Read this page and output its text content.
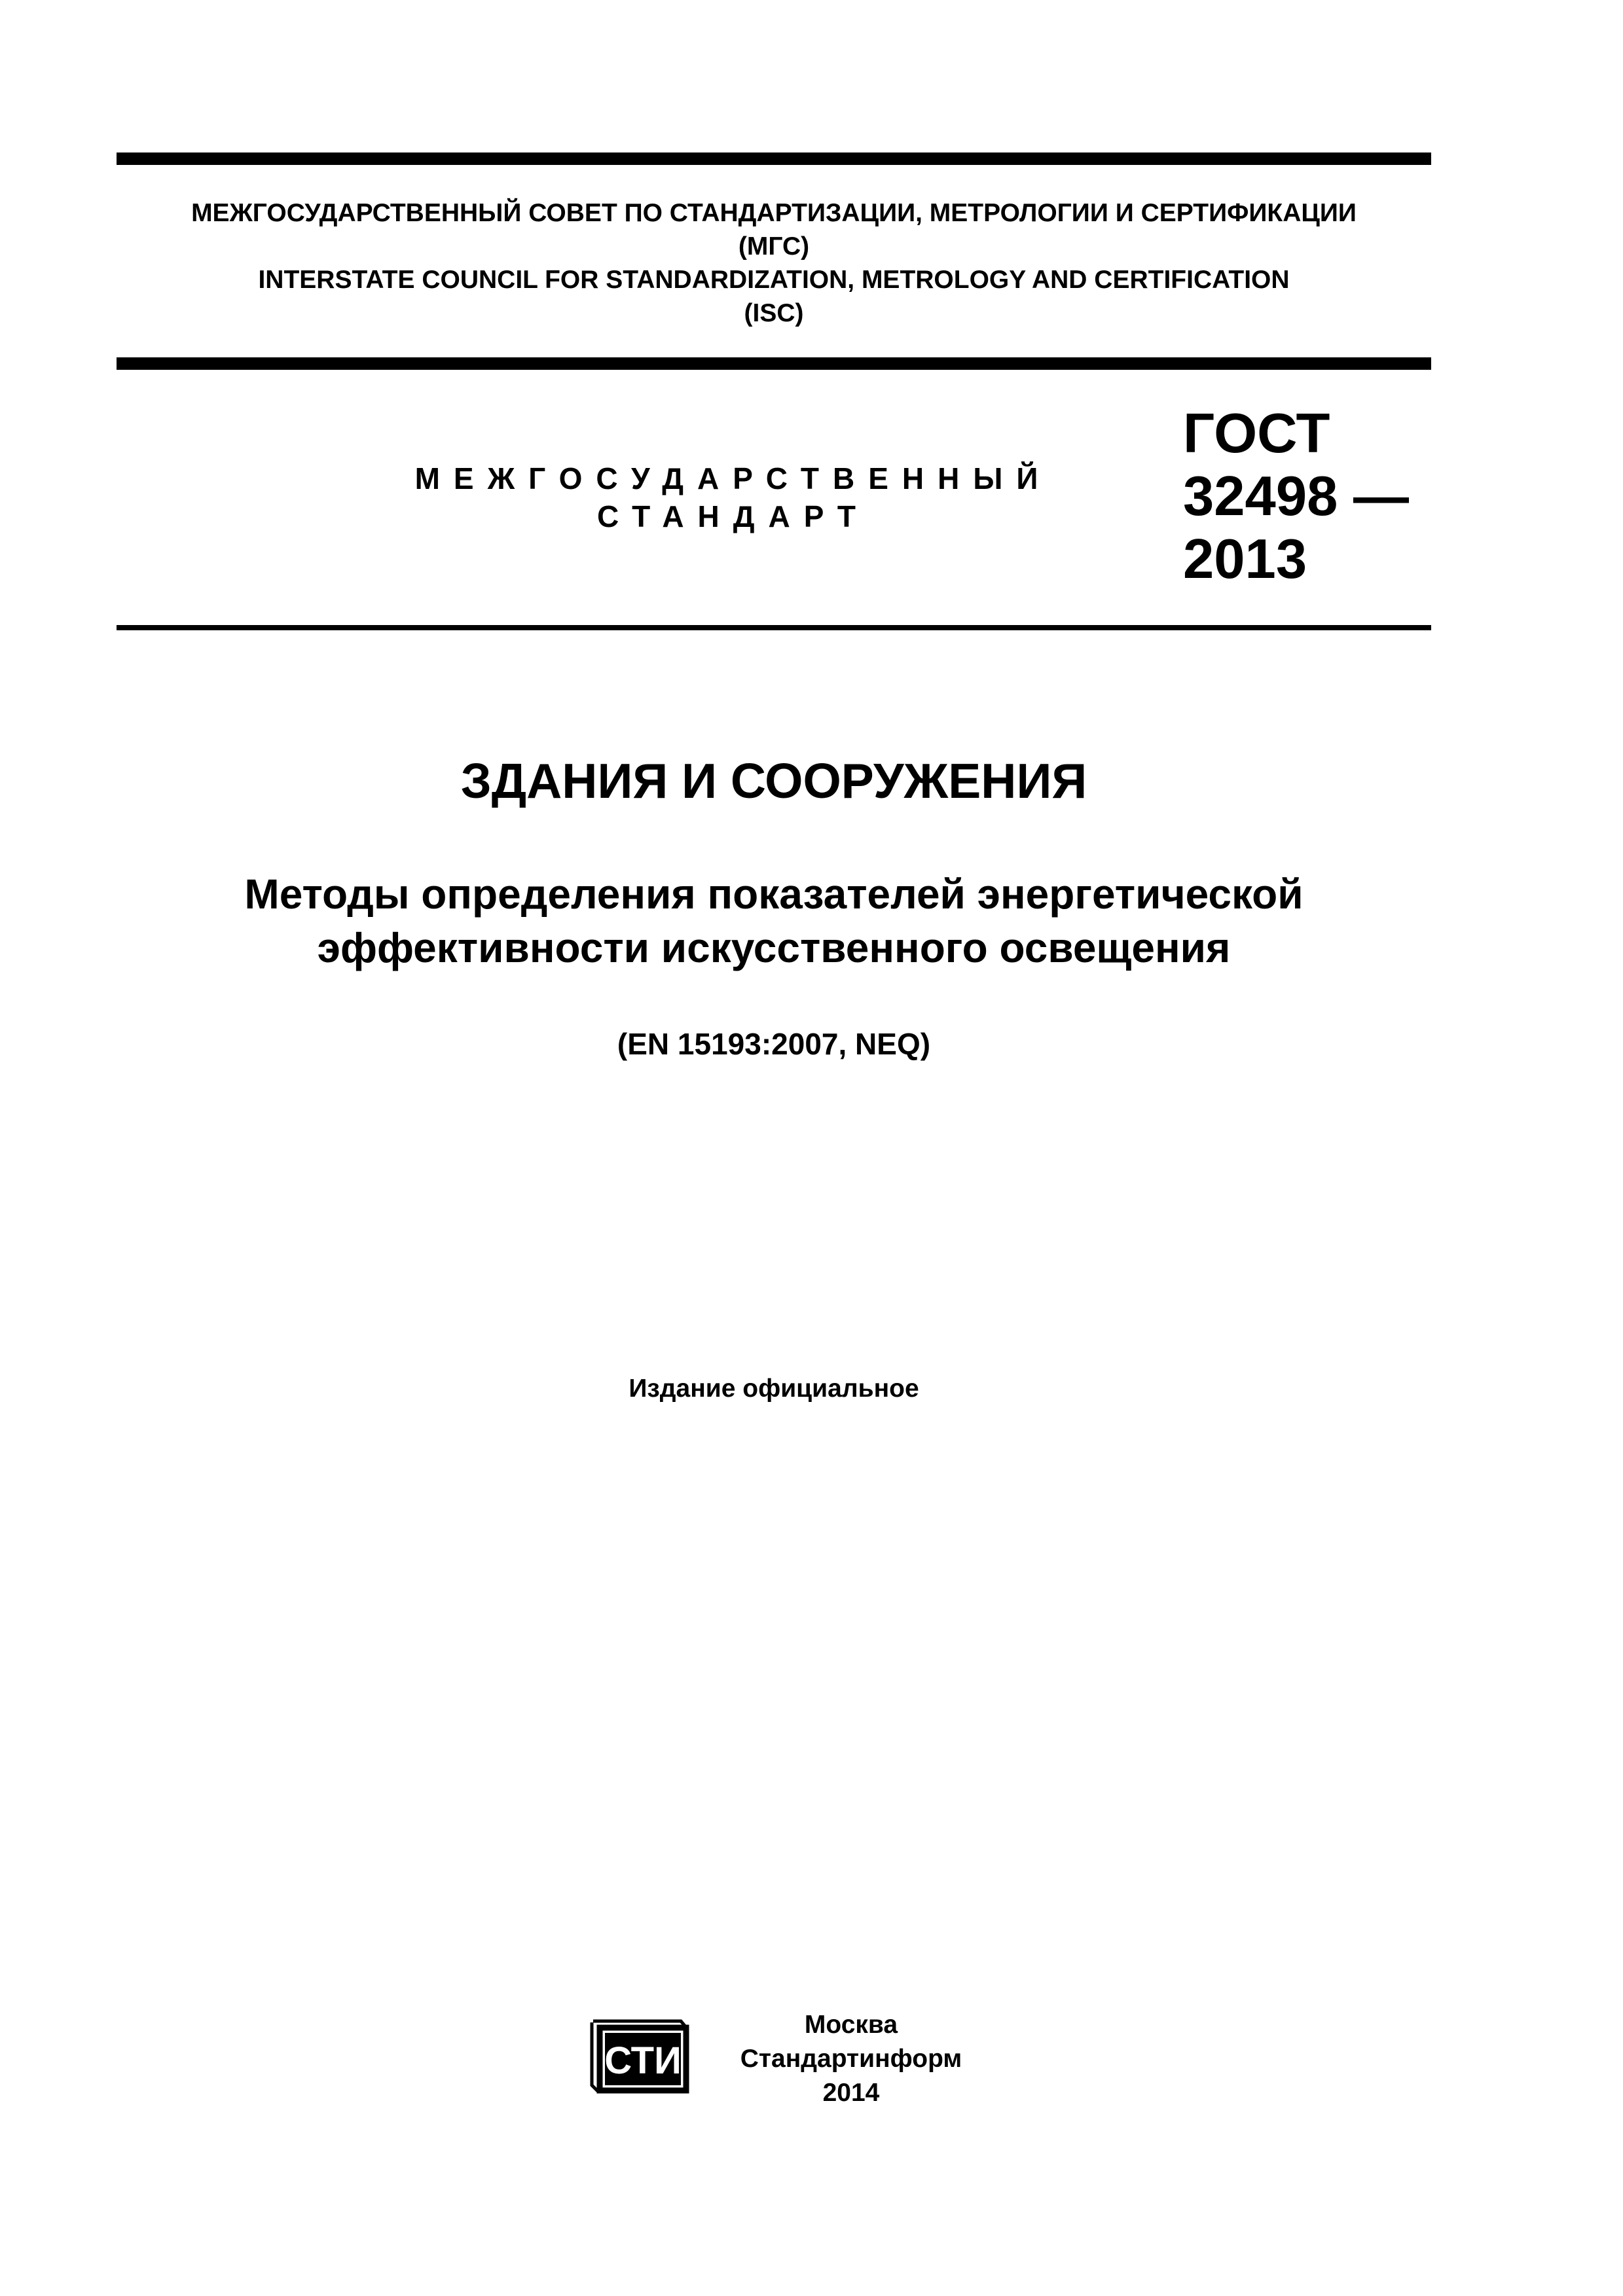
МЕЖГОСУДАРСТВЕННЫЙ СОВЕТ ПО СТАНДАРТИЗАЦИИ, МЕТРОЛОГИИ И СЕРТИФИКАЦИИ
(МГС)
INTERSTATE COUNCIL FOR STANDARDIZATION, METROLOGY AND CERTIFICATION
(ISC)
МЕЖГОСУДАРСТВЕННЫЙ
СТАНДАРТ
ГОСТ
32498 —
2013
ЗДАНИЯ И СООРУЖЕНИЯ
Методы определения показателей энергетической
эффективности искусственного освещения
(EN 15193:2007, NEQ)
Издание официальное
СТИ
Москва
Стандартинформ
2014
